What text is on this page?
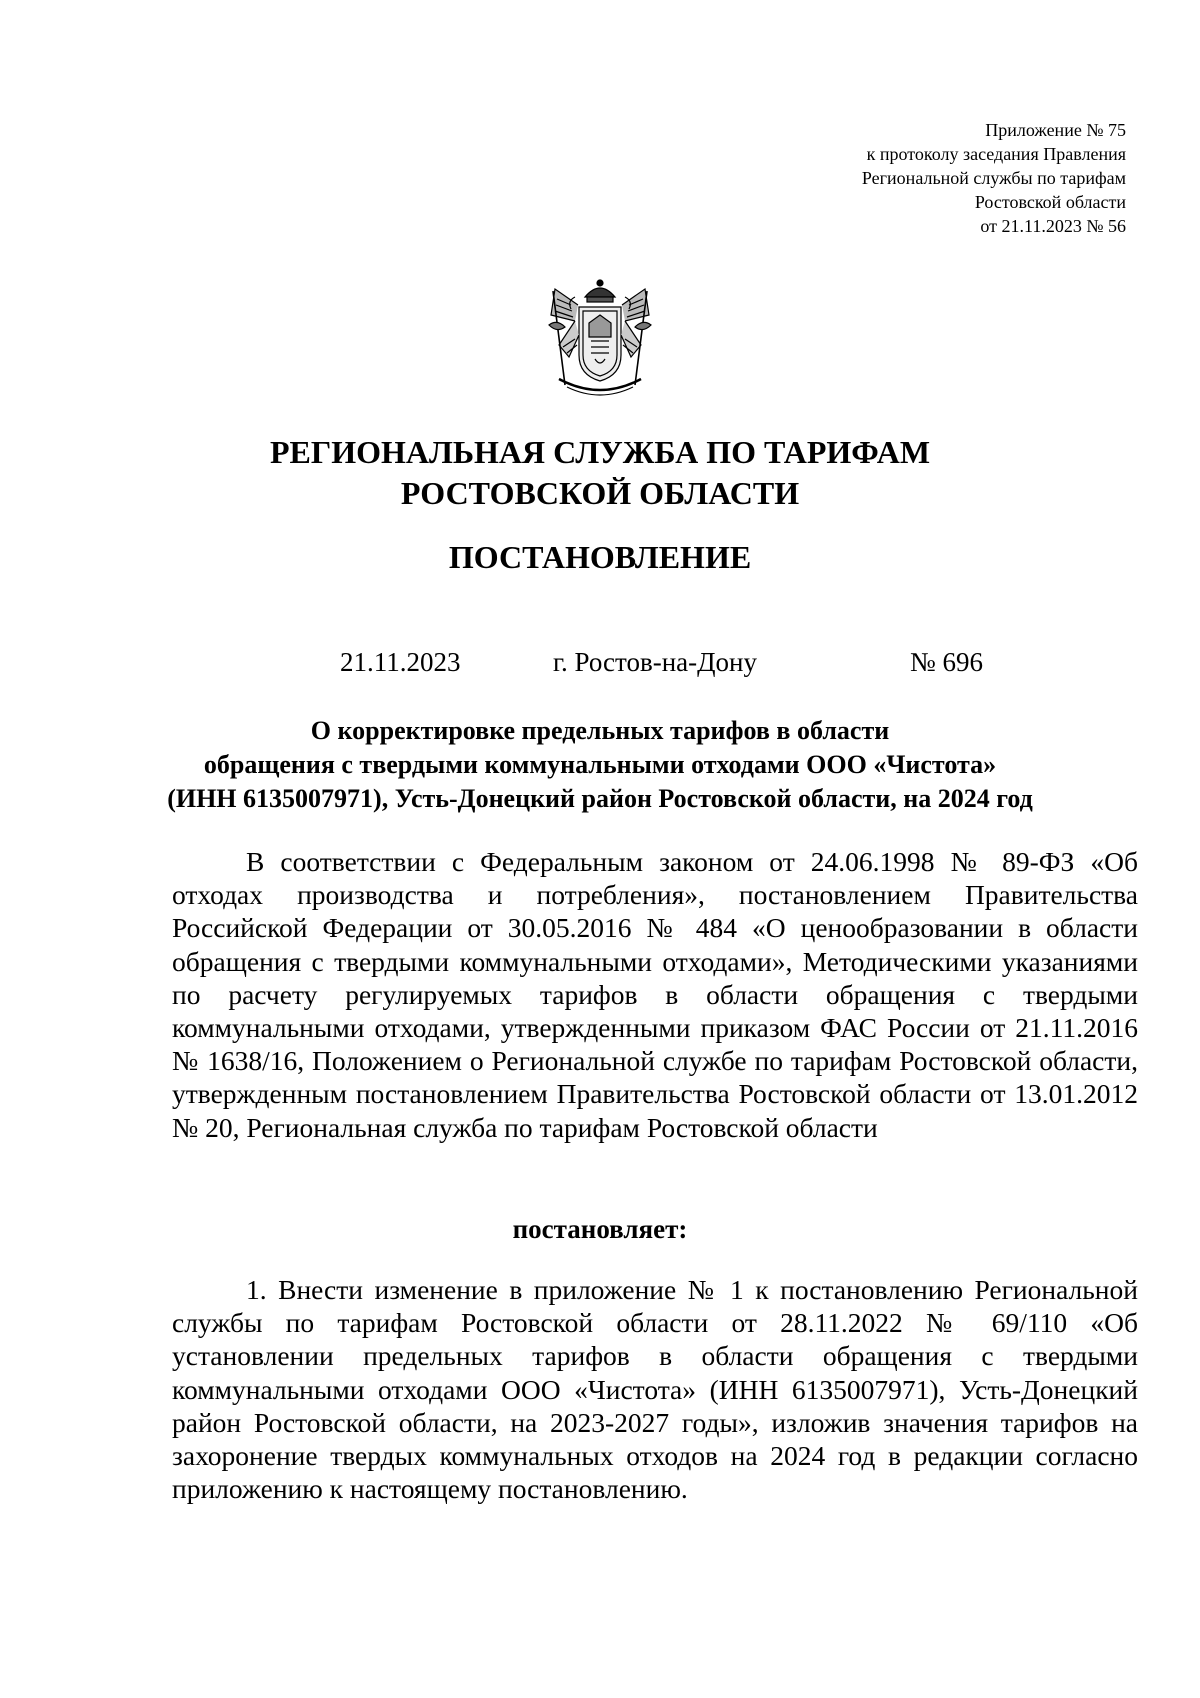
Приложение № 75
к протоколу заседания Правления
Региональной службы по тарифам
Ростовской области
от 21.11.2023 № 56
РЕГИОНАЛЬНАЯ СЛУЖБА ПО ТАРИФАМ
РОСТОВСКОЙ ОБЛАСТИ
ПОСТАНОВЛЕНИЕ
21.11.2023	г. Ростов-на-Дону	№ 696
О корректировке предельных тарифов в области
обращения с твердыми коммунальными отходами ООО «Чистота»
(ИНН 6135007971), Усть-Донецкий район Ростовской области, на 2024 год
В соответствии с Федеральным законом от 24.06.1998 № 89-ФЗ «Об отходах производства и потребления», постановлением Правительства Российской Федерации от 30.05.2016 № 484 «О ценообразовании в области обращения с твердыми коммунальными отходами», Методическими указаниями по расчету регулируемых тарифов в области обращения с твердыми коммунальными отходами, утвержденными приказом ФАС России от 21.11.2016 № 1638/16, Положением о Региональной службе по тарифам Ростовской области, утвержденным постановлением Правительства Ростовской области от 13.01.2012 № 20, Региональная служба по тарифам Ростовской области
постановляет:
1. Внести изменение в приложение № 1 к постановлению Региональной службы по тарифам Ростовской области от 28.11.2022 № 69/110 «Об установлении предельных тарифов в области обращения с твердыми коммунальными отходами ООО «Чистота» (ИНН 6135007971), Усть-Донецкий район Ростовской области, на 2023-2027 годы», изложив значения тарифов на захоронение твердых коммунальных отходов на 2024 год в редакции согласно приложению к настоящему постановлению.
